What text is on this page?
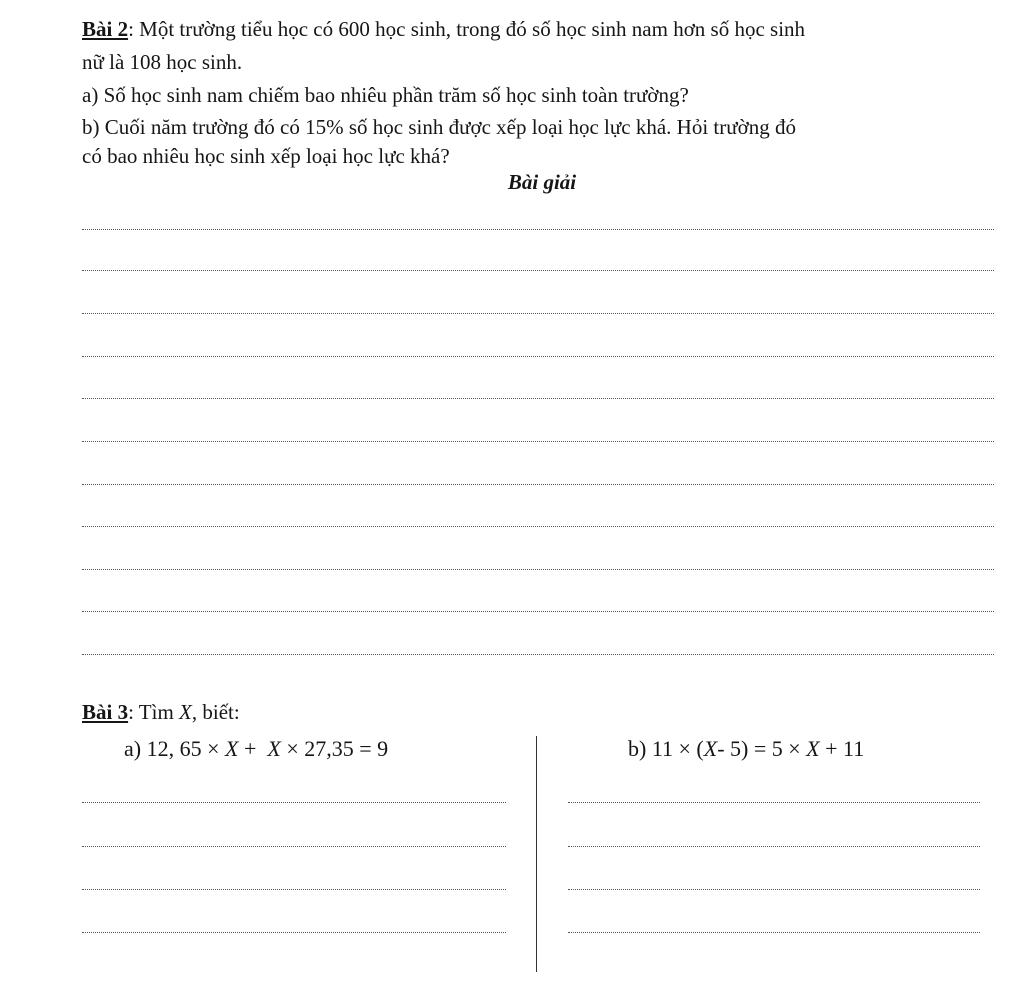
Bài 2: Một trường tiểu học có 600 học sinh, trong đó số học sinh nam hơn số học sinh
nữ là 108 học sinh.
a) Số học sinh nam chiếm bao nhiêu phần trăm số học sinh toàn trường?
b) Cuối năm trường đó có 15% số học sinh được xếp loại học lực khá. Hỏi trường đó
có bao nhiêu học sinh xếp loại học lực khá?
Bài giải
Bài 3: Tìm X, biết:
a) 12, 65 × X +  X × 27,35 = 9	b) 11 × (X- 5) = 5 × X + 11
